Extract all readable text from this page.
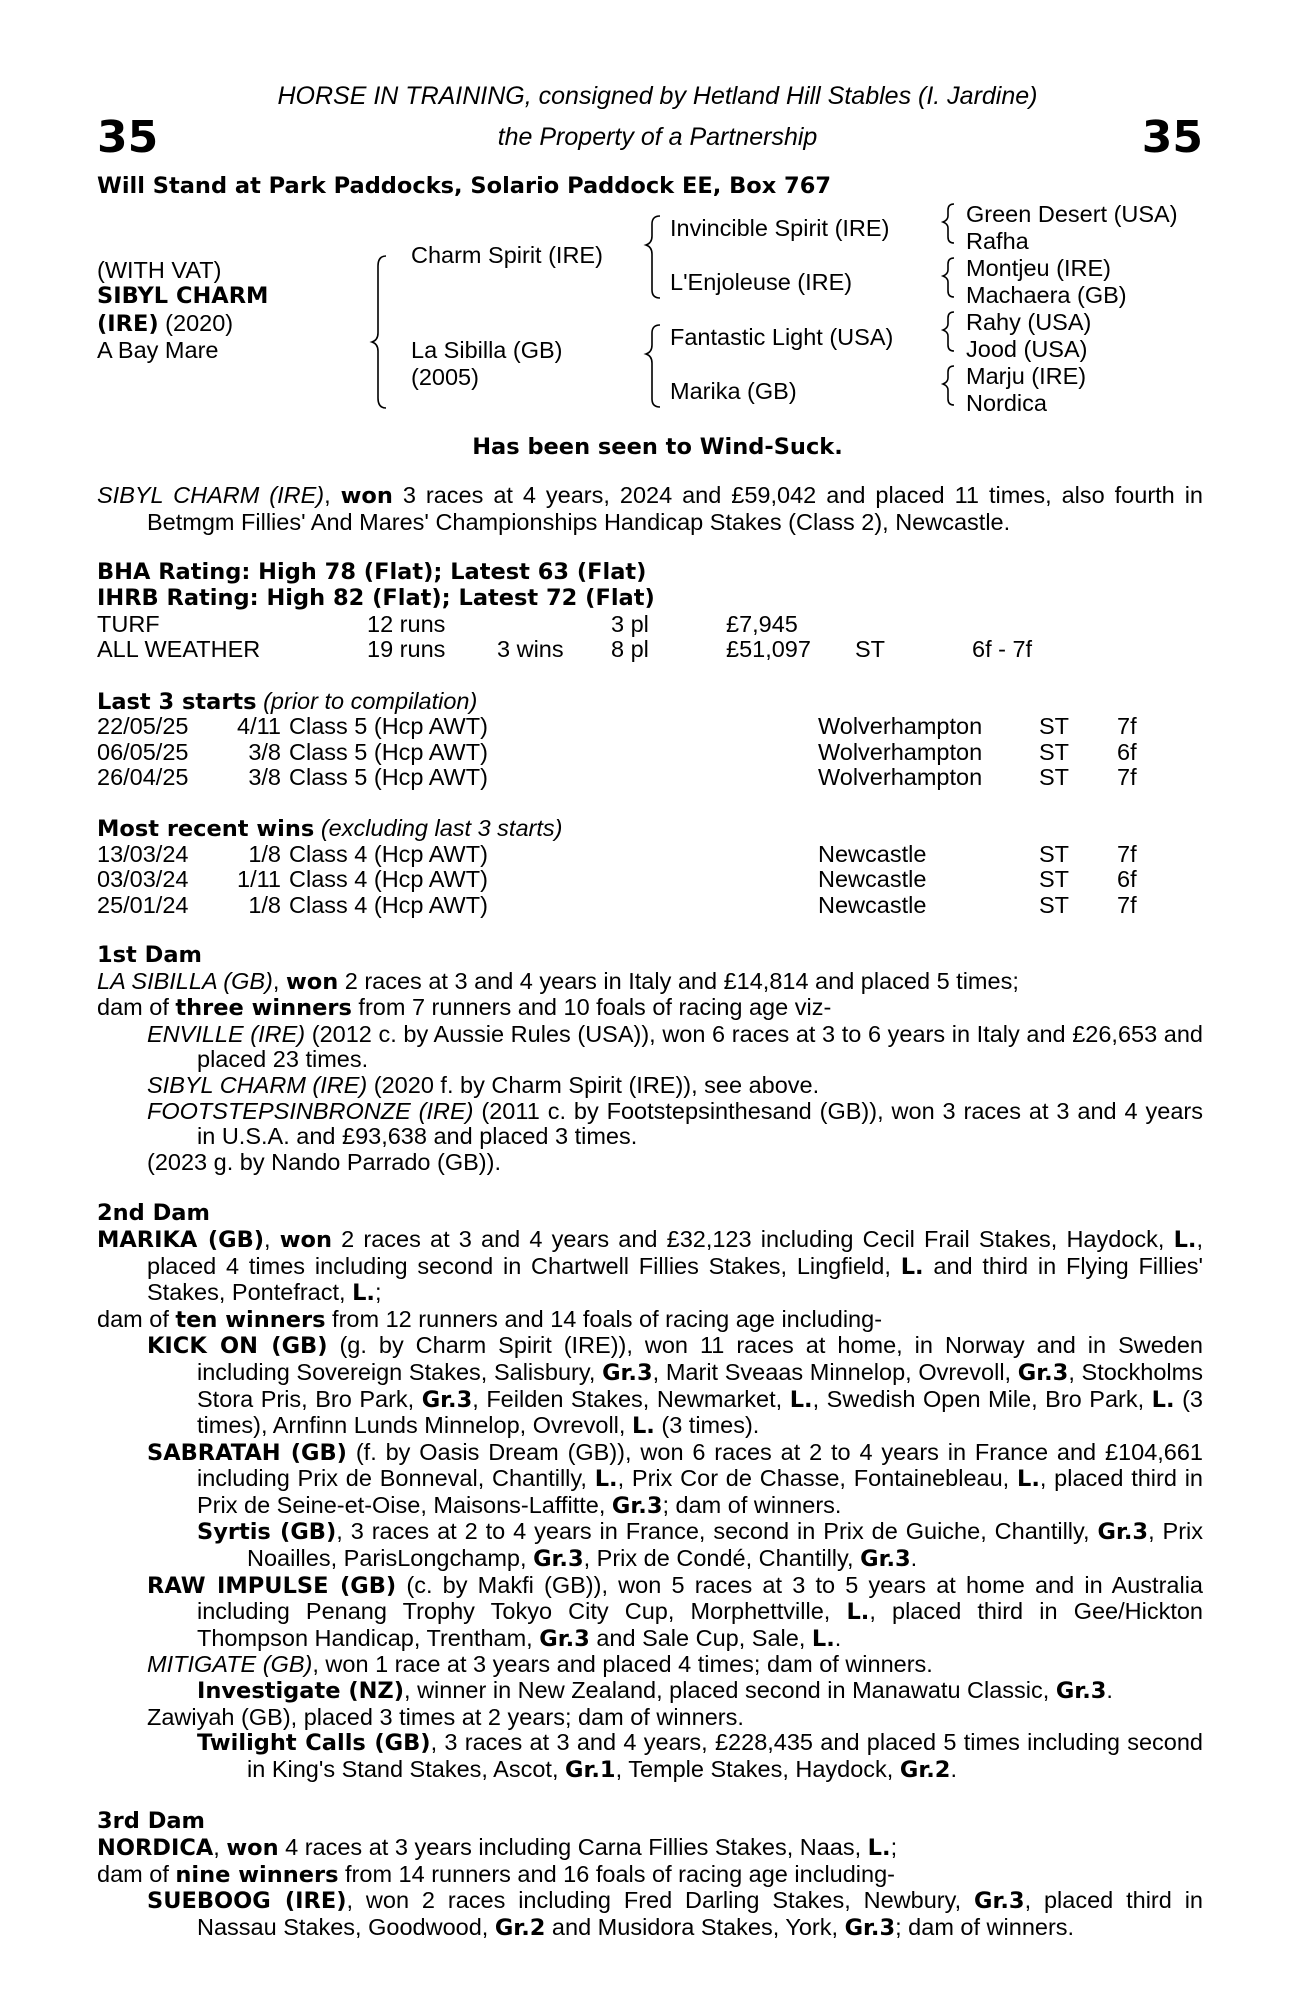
35	35
HORSE IN TRAINING, consigned by Hetland Hill Stables (I. Jardine)
the Property of a Partnership
Will Stand at Park Paddocks, Solario Paddock EE, Box 767
(WITH VAT)
SIBYL CHARM
(IRE) (2020)
A Bay Mare
Charm Spirit (IRE)
La Sibilla (GB)
(2005)
Invincible Spirit (IRE)
L'Enjoleuse (IRE)
Fantastic Light (USA)
Marika (GB)
Green Desert (USA)
Rafha
Montjeu (IRE)
Machaera (GB)
Rahy (USA)
Jood (USA)
Marju (IRE)
Nordica
Has been seen to Wind-Suck.

SIBYL CHARM (IRE), won 3 races at 4 years, 2024 and £59,042 and placed 11 times, also fourth in Betmgm Fillies' And Mares' Championships Handicap Stakes (Class 2), Newcastle.

BHA Rating: High 78 (Flat); Latest 63 (Flat)
IHRB Rating: High 82 (Flat); Latest 72 (Flat)
TURF	12 runs	3 pl	£7,945
ALL WEATHER	19 runs 3 wins 8 pl	£51,097 ST	6f - 7f
Last 3 starts (prior to compilation)
22/05/25	4/11 Class 5 (Hcp AWT)	Wolverhampton ST 7f
06/05/25	3/8 Class 5 (Hcp AWT)	Wolverhampton ST 6f
26/04/25	3/8 Class 5 (Hcp AWT)	Wolverhampton ST 7f
Most recent wins (excluding last 3 starts)
13/03/24	1/8 Class 4 (Hcp AWT)	Newcastle	ST 7f
03/03/24	1/11 Class 4 (Hcp AWT)	Newcastle	ST 6f
25/01/24	1/8 Class 4 (Hcp AWT)	Newcastle	ST 7f

1st Dam

LA SIBILLA (GB), won 2 races at 3 and 4 years in Italy and £14,814 and placed 5 times;

dam of three winners from 7 runners and 10 foals of racing age viz-

ENVILLE (IRE) (2012 c. by Aussie Rules (USA)), won 6 races at 3 to 6 years in Italy and £26,653 and placed 23 times.

SIBYL CHARM (IRE) (2020 f. by Charm Spirit (IRE)), see above.

FOOTSTEPSINBRONZE (IRE) (2011 c. by Footstepsinthesand (GB)), won 3 races at 3 and 4 years in U.S.A. and £93,638 and placed 3 times.

(2023 g. by Nando Parrado (GB)).

2nd Dam

MARIKA (GB), won 2 races at 3 and 4 years and £32,123 including Cecil Frail Stakes, Haydock, L., placed 4 times including second in Chartwell Fillies Stakes, Lingfield, L. and third in Flying Fillies' Stakes, Pontefract, L.;

dam of ten winners from 12 runners and 14 foals of racing age including-

KICK ON (GB) (g. by Charm Spirit (IRE)), won 11 races at home, in Norway and in Sweden including Sovereign Stakes, Salisbury, Gr.3, Marit Sveaas Minnelop, Ovrevoll, Gr.3, Stockholms Stora Pris, Bro Park, Gr.3, Feilden Stakes, Newmarket, L., Swedish Open Mile, Bro Park, L. (3 times), Arnfinn Lunds Minnelop, Ovrevoll, L. (3 times).

SABRATAH (GB) (f. by Oasis Dream (GB)), won 6 races at 2 to 4 years in France and £104,661 including Prix de Bonneval, Chantilly, L., Prix Cor de Chasse, Fontainebleau, L., placed third in Prix de Seine-et-Oise, Maisons-Laffitte, Gr.3; dam of winners.

Syrtis (GB), 3 races at 2 to 4 years in France, second in Prix de Guiche, Chantilly, Gr.3, Prix Noailles, ParisLongchamp, Gr.3, Prix de Condé, Chantilly, Gr.3.

RAW IMPULSE (GB) (c. by Makfi (GB)), won 5 races at 3 to 5 years at home and in Australia including Penang Trophy Tokyo City Cup, Morphettville, L., placed third in Gee/Hickton Thompson Handicap, Trentham, Gr.3 and Sale Cup, Sale, L..

MITIGATE (GB), won 1 race at 3 years and placed 4 times; dam of winners.

Investigate (NZ), winner in New Zealand, placed second in Manawatu Classic, Gr.3.

Zawiyah (GB), placed 3 times at 2 years; dam of winners.

Twilight Calls (GB), 3 races at 3 and 4 years, £228,435 and placed 5 times including second in King's Stand Stakes, Ascot, Gr.1, Temple Stakes, Haydock, Gr.2.

3rd Dam

NORDICA, won 4 races at 3 years including Carna Fillies Stakes, Naas, L.;

dam of nine winners from 14 runners and 16 foals of racing age including-

SUEBOOG (IRE), won 2 races including Fred Darling Stakes, Newbury, Gr.3, placed third in Nassau Stakes, Goodwood, Gr.2 and Musidora Stakes, York, Gr.3; dam of winners.
